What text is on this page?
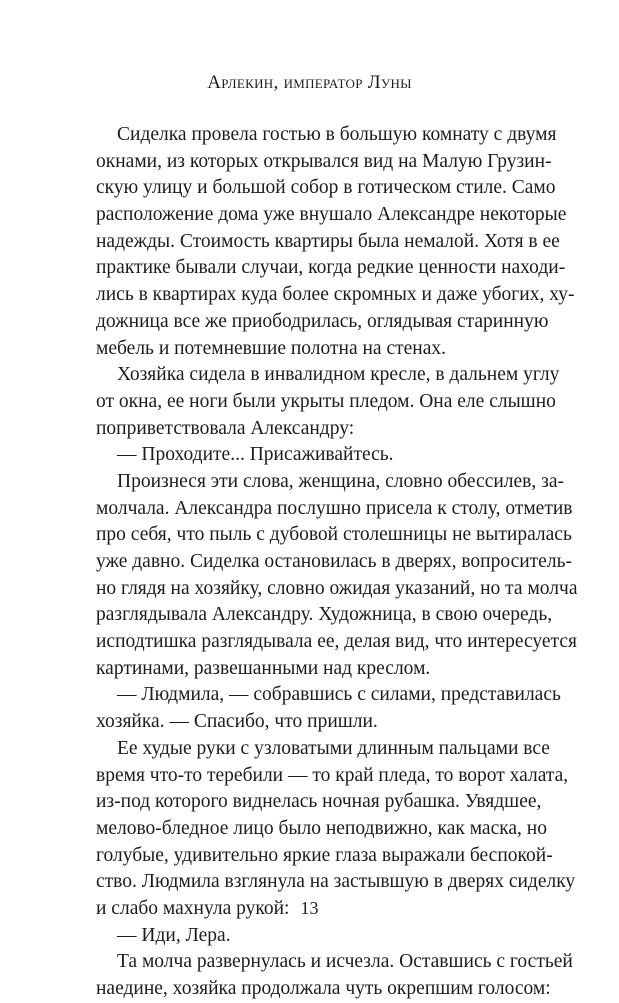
Арлекин, император Луны
Сиделка провела гостью в большую комнату с двумя
окнами, из которых открывался вид на Малую Грузин-
скую улицу и большой собор в готическом стиле. Само
расположение дома уже внушало Александре некоторые
надежды. Стоимость квартиры была немалой. Хотя в ее
практике бывали случаи, когда редкие ценности находи-
лись в квартирах куда более скромных и даже убогих, ху-
дожница все же приободрилась, оглядывая старинную
мебель и потемневшие полотна на стенах.
Хозяйка сидела в инвалидном кресле, в дальнем углу
от окна, ее ноги были укрыты пледом. Она еле слышно
поприветствовала Александру:
— Проходите... Присаживайтесь.
Произнеся эти слова, женщина, словно обессилев, за-
молчала. Александра послушно присела к столу, отметив
про себя, что пыль с дубовой столешницы не вытиралась
уже давно. Сиделка остановилась в дверях, вопроситель-
но глядя на хозяйку, словно ожидая указаний, но та молча
разглядывала Александру. Художница, в свою очередь,
исподтишка разглядывала ее, делая вид, что интересуется
картинами, развешанными над креслом.
— Людмила, — собравшись с силами, представилась
хозяйка. — Спасибо, что пришли.
Ее худые руки с узловатыми длинным пальцами все
время что-то теребили — то край пледа, то ворот халата,
из-под которого виднелась ночная рубашка. Увядшее,
мелово-бледное лицо было неподвижно, как маска, но
голубые, удивительно яркие глаза выражали беспокой-
ство. Людмила взглянула на застывшую в дверях сиделку
и слабо махнула рукой:
— Иди, Лера.
Та молча развернулась и исчезла. Оставшись с гостьей
наедине, хозяйка продолжала чуть окрепшим голосом:
13
